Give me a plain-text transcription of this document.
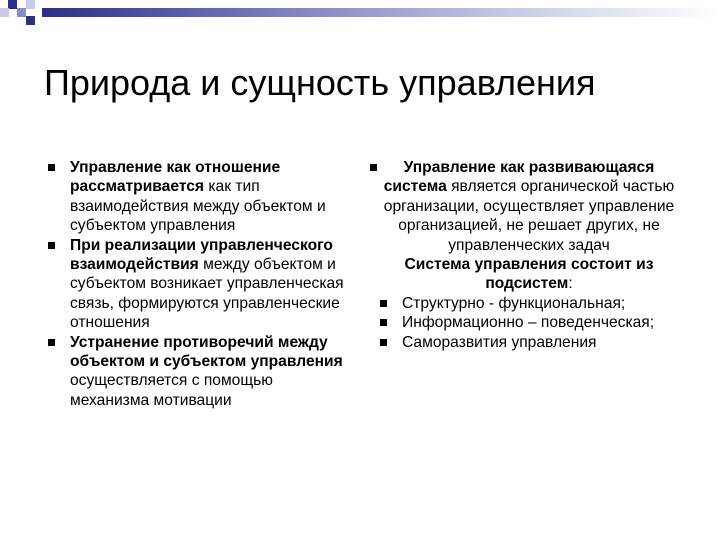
Природа и сущность управления
Управление как отношение рассматривается как тип взаимодействия между объектом и субъектом управления
При реализации управленческого взаимодействия между объектом и субъектом возникает управленческая связь, формируются управленческие отношения
Устранение противоречий между объектом и субъектом управления осуществляется с помощью механизма мотивации
Управление как развивающаяся система является органической частью организации, осуществляет управление организацией, не решает других, не управленческих задач
Система управления состоит из подсистем:
Структурно - функциональная;
Информационно – поведенческая;
Саморазвития управления
